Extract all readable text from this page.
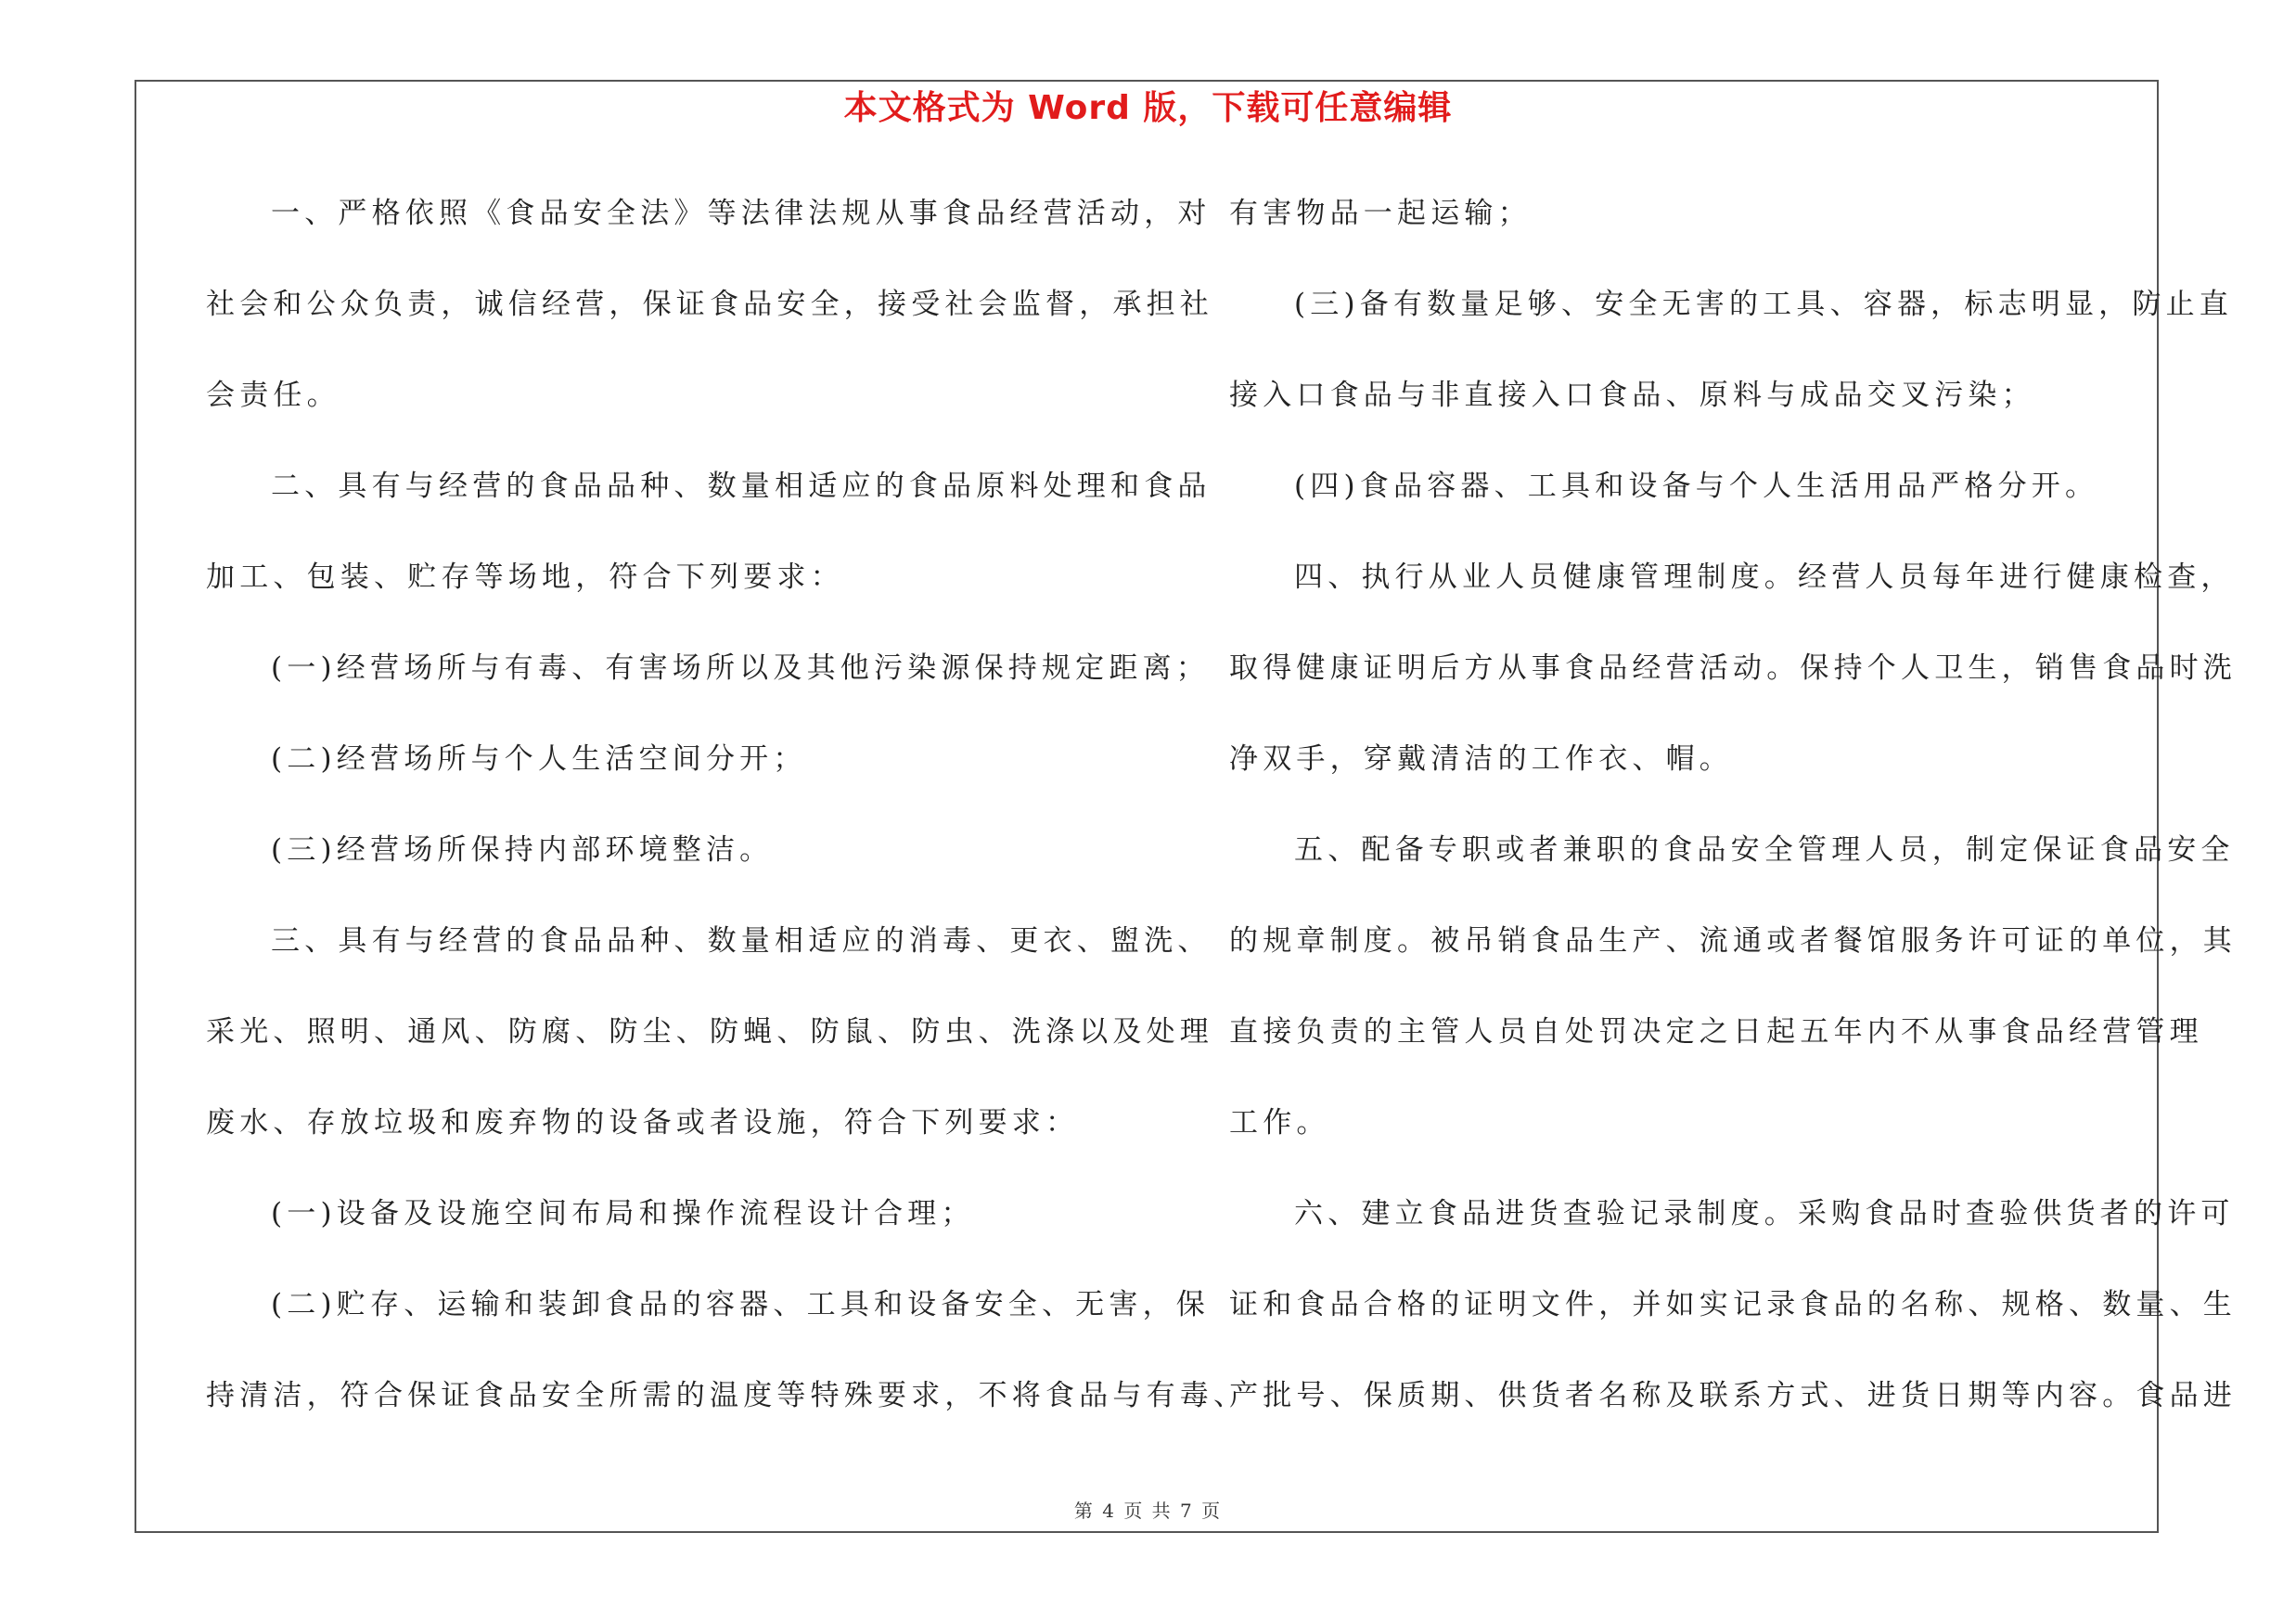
本文格式为 Word 版，下载可任意编辑
一、严格依照《食品安全法》等法律法规从事食品经营活动，对
社会和公众负责，诚信经营，保证食品安全，接受社会监督，承担社
会责任。
二、具有与经营的食品品种、数量相适应的食品原料处理和食品
加工、包装、贮存等场地，符合下列要求：
(一)经营场所与有毒、有害场所以及其他污染源保持规定距离；
(二)经营场所与个人生活空间分开；
(三)经营场所保持内部环境整洁。
三、具有与经营的食品品种、数量相适应的消毒、更衣、盥洗、
采光、照明、通风、防腐、防尘、防蝇、防鼠、防虫、洗涤以及处理
废水、存放垃圾和废弃物的设备或者设施，符合下列要求：
(一)设备及设施空间布局和操作流程设计合理；
(二)贮存、运输和装卸食品的容器、工具和设备安全、无害，保
持清洁，符合保证食品安全所需的温度等特殊要求，不将食品与有毒、
有害物品一起运输；
(三)备有数量足够、安全无害的工具、容器，标志明显，防止直
接入口食品与非直接入口食品、原料与成品交叉污染；
(四)食品容器、工具和设备与个人生活用品严格分开。
四、执行从业人员健康管理制度。经营人员每年进行健康检查，
取得健康证明后方从事食品经营活动。保持个人卫生，销售食品时洗
净双手，穿戴清洁的工作衣、帽。
五、配备专职或者兼职的食品安全管理人员，制定保证食品安全
的规章制度。被吊销食品生产、流通或者餐馆服务许可证的单位，其
直接负责的主管人员自处罚决定之日起五年内不从事食品经营管理
工作。
六、建立食品进货查验记录制度。采购食品时查验供货者的许可
证和食品合格的证明文件，并如实记录食品的名称、规格、数量、生
产批号、保质期、供货者名称及联系方式、进货日期等内容。食品进
第 4 页 共 7 页
